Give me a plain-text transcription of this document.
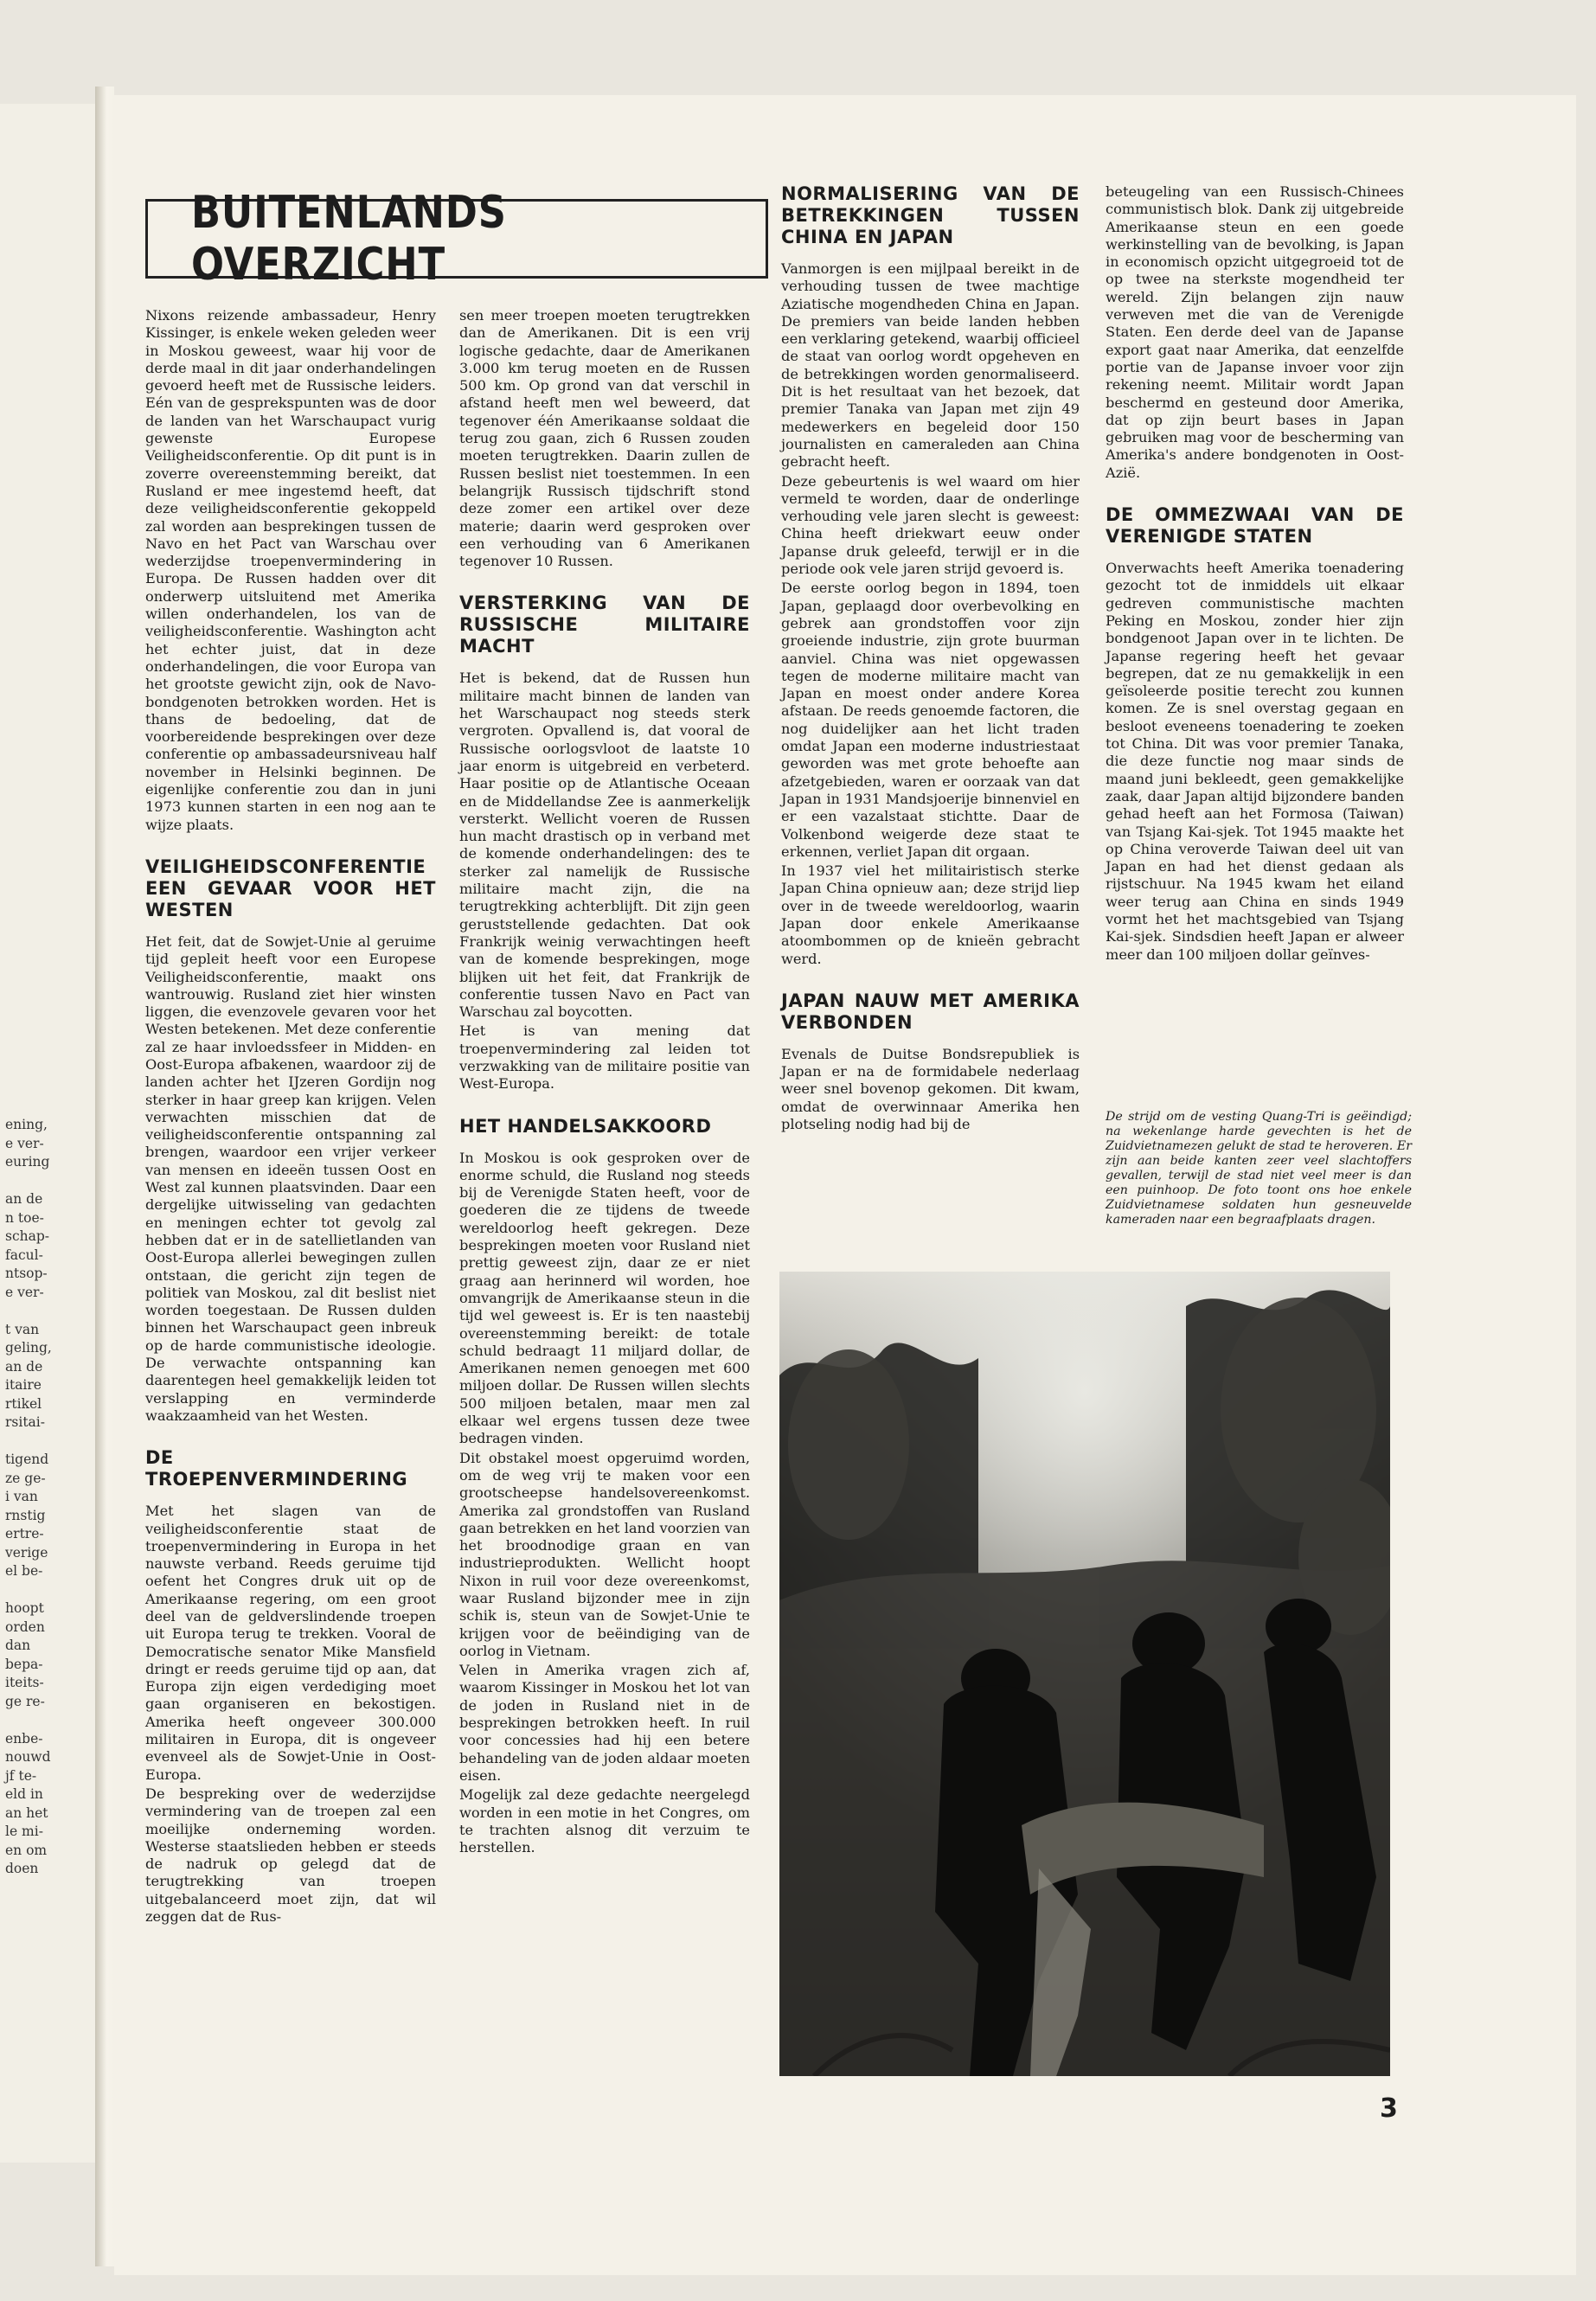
ening,
e ver-
euring
an de
n toe-
schap-
facul-
ntsop-
e ver-
t van
geling,
an de
itaire
rtikel
rsitai-
tigend
ze ge-
i van
rnstig
ertre-
verige
el be-
hoopt
orden
dan
bepa-
iteits-
ge re-
enbe-
nouwd
jf te-
eld in
an het
le mi-
en om
doen
BUITENLANDS OVERZICHT

Nixons reizende ambassadeur, Henry Kissinger, is enkele weken geleden weer in Moskou geweest, waar hij voor de derde maal in dit jaar onderhandelingen gevoerd heeft met de Russische leiders. Eén van de gesprekspunten was de door de landen van het Warschaupact vurig gewenste Europese Veiligheidsconferentie. Op dit punt is in zoverre overeenstemming bereikt, dat Rusland er mee ingestemd heeft, dat deze veiligheidsconferentie gekoppeld zal worden aan besprekingen tussen de Navo en het Pact van Warschau over wederzijdse troepenvermindering in Europa. De Russen hadden over dit onderwerp uitsluitend met Amerika willen onderhandelen, los van de veiligheidsconferentie. Washington acht het echter juist, dat in deze onderhandelingen, die voor Europa van het grootste gewicht zijn, ook de Navo-bondgenoten betrokken worden. Het is thans de bedoeling, dat de voorbereidende besprekingen over deze conferentie op ambassadeursniveau half november in Helsinki beginnen. De eigenlijke conferentie zou dan in juni 1973 kunnen starten in een nog aan te wijze plaats.

VEILIGHEIDSCONFERENTIE EEN GEVAAR VOOR HET WESTEN

Het feit, dat de Sowjet-Unie al geruime tijd gepleit heeft voor een Europese Veiligheidsconferentie, maakt ons wantrouwig. Rusland ziet hier winsten liggen, die evenzovele gevaren voor het Westen betekenen. Met deze conferentie zal ze haar invloedssfeer in Midden- en Oost-Europa afbakenen, waardoor zij de landen achter het IJzeren Gordijn nog sterker in haar greep kan krijgen. Velen verwachten misschien dat de veiligheidsconferentie ontspanning zal brengen, waardoor een vrijer verkeer van mensen en ideeën tussen Oost en West zal kunnen plaatsvinden. Daar een dergelijke uitwisseling van gedachten en meningen echter tot gevolg zal hebben dat er in de satellietlanden van Oost-Europa allerlei bewegingen zullen ontstaan, die gericht zijn tegen de politiek van Moskou, zal dit beslist niet worden toegestaan. De Russen dulden binnen het Warschaupact geen inbreuk op de harde communistische ideologie. De verwachte ontspanning kan daarentegen heel gemakkelijk leiden tot verslapping en verminderde waakzaamheid van het Westen.

DE TROEPENVERMINDERING

Met het slagen van de veiligheidsconferentie staat de troepenvermindering in Europa in het nauwste verband. Reeds geruime tijd oefent het Congres druk uit op de Amerikaanse regering, om een groot deel van de geldverslindende troepen uit Europa terug te trekken. Vooral de Democratische senator Mike Mansfield dringt er reeds geruime tijd op aan, dat Europa zijn eigen verdediging moet gaan organiseren en bekostigen. Amerika heeft ongeveer 300.000 militairen in Europa, dit is ongeveer evenveel als de Sowjet-Unie in Oost-Europa.

De bespreking over de wederzijdse vermindering van de troepen zal een moeilijke onderneming worden. Westerse staatslieden hebben er steeds de nadruk op gelegd dat de terugtrekking van troepen uitgebalanceerd moet zijn, dat wil zeggen dat de Rus-

sen meer troepen moeten terugtrekken dan de Amerikanen. Dit is een vrij logische gedachte, daar de Amerikanen 3.000 km terug moeten en de Russen 500 km. Op grond van dat verschil in afstand heeft men wel beweerd, dat tegenover één Amerikaanse soldaat die terug zou gaan, zich 6 Russen zouden moeten terugtrekken. Daarin zullen de Russen beslist niet toestemmen. In een belangrijk Russisch tijdschrift stond deze zomer een artikel over deze materie; daarin werd gesproken over een verhouding van 6 Amerikanen tegenover 10 Russen.

VERSTERKING VAN DE RUSSISCHE MILITAIRE MACHT

Het is bekend, dat de Russen hun militaire macht binnen de landen van het Warschaupact nog steeds sterk vergroten. Opvallend is, dat vooral de Russische oorlogsvloot de laatste 10 jaar enorm is uitgebreid en verbeterd. Haar positie op de Atlantische Oceaan en de Middellandse Zee is aanmerkelijk versterkt. Wellicht voeren de Russen hun macht drastisch op in verband met de komende onderhandelingen: des te sterker zal namelijk de Russische militaire macht zijn, die na terugtrekking achterblijft. Dit zijn geen geruststellende gedachten. Dat ook Frankrijk weinig verwachtingen heeft van de komende besprekingen, moge blijken uit het feit, dat Frankrijk de conferentie tussen Navo en Pact van Warschau zal boycotten.

Het is van mening dat troepenvermindering zal leiden tot verzwakking van de militaire positie van West-Europa.

HET HANDELSAKKOORD

In Moskou is ook gesproken over de enorme schuld, die Rusland nog steeds bij de Verenigde Staten heeft, voor de goederen die ze tijdens de tweede wereldoorlog heeft gekregen. Deze besprekingen moeten voor Rusland niet prettig geweest zijn, daar ze er niet graag aan herinnerd wil worden, hoe omvangrijk de Amerikaanse steun in die tijd wel geweest is. Er is ten naastebij overeenstemming bereikt: de totale schuld bedraagt 11 miljard dollar, de Amerikanen nemen genoegen met 600 miljoen dollar. De Russen willen slechts 500 miljoen betalen, maar men zal elkaar wel ergens tussen deze twee bedragen vinden.

Dit obstakel moest opgeruimd worden, om de weg vrij te maken voor een grootscheepse handelsovereenkomst. Amerika zal grondstoffen van Rusland gaan betrekken en het land voorzien van het broodnodige graan en van industrieprodukten. Wellicht hoopt Nixon in ruil voor deze overeenkomst, waar Rusland bijzonder mee in zijn schik is, steun van de Sowjet-Unie te krijgen voor de beëindiging van de oorlog in Vietnam.

Velen in Amerika vragen zich af, waarom Kissinger in Moskou het lot van de joden in Rusland niet in de besprekingen betrokken heeft. In ruil voor concessies had hij een betere behandeling van de joden aldaar moeten eisen.

Mogelijk zal deze gedachte neergelegd worden in een motie in het Congres, om te trachten alsnog dit verzuim te herstellen.

NORMALISERING VAN DE BETREKKINGEN TUSSEN CHINA EN JAPAN

Vanmorgen is een mijlpaal bereikt in de verhouding tussen de twee machtige Aziatische mogendheden China en Japan. De premiers van beide landen hebben een verklaring getekend, waarbij officieel de staat van oorlog wordt opgeheven en de betrekkingen worden genormaliseerd. Dit is het resultaat van het bezoek, dat premier Tanaka van Japan met zijn 49 medewerkers en begeleid door 150 journalisten en cameraleden aan China gebracht heeft.

Deze gebeurtenis is wel waard om hier vermeld te worden, daar de onderlinge verhouding vele jaren slecht is geweest: China heeft driekwart eeuw onder Japanse druk geleefd, terwijl er in die periode ook vele jaren strijd gevoerd is.

De eerste oorlog begon in 1894, toen Japan, geplaagd door overbevolking en gebrek aan grondstoffen voor zijn groeiende industrie, zijn grote buurman aanviel. China was niet opgewassen tegen de moderne militaire macht van Japan en moest onder andere Korea afstaan. De reeds genoemde factoren, die nog duidelijker aan het licht traden omdat Japan een moderne industriestaat geworden was met grote behoefte aan afzetgebieden, waren er oorzaak van dat Japan in 1931 Mandsjoerije binnenviel en er een vazalstaat stichtte. Daar de Volkenbond weigerde deze staat te erkennen, verliet Japan dit orgaan.

In 1937 viel het militairistisch sterke Japan China opnieuw aan; deze strijd liep over in de tweede wereldoorlog, waarin Japan door enkele Amerikaanse atoombommen op de knieën gebracht werd.

JAPAN NAUW MET AMERIKA VERBONDEN

Evenals de Duitse Bondsrepubliek is Japan er na de formidabele nederlaag weer snel bovenop gekomen. Dit kwam, omdat de overwinnaar Amerika hen plotseling nodig had bij de

beteugeling van een Russisch-Chinees communistisch blok. Dank zij uitgebreide Amerikaanse steun en een goede werkinstelling van de bevolking, is Japan in economisch opzicht uitgegroeid tot de op twee na sterkste mogendheid ter wereld. Zijn belangen zijn nauw verweven met die van de Verenigde Staten. Een derde deel van de Japanse export gaat naar Amerika, dat eenzelfde portie van de Japanse invoer voor zijn rekening neemt. Militair wordt Japan beschermd en gesteund door Amerika, dat op zijn beurt bases in Japan gebruiken mag voor de bescherming van Amerika's andere bondgenoten in Oost-Azië.

DE OMMEZWAAI VAN DE VERENIGDE STATEN

Onverwachts heeft Amerika toenadering gezocht tot de inmiddels uit elkaar gedreven communistische machten Peking en Moskou, zonder hier zijn bondgenoot Japan over in te lichten. De Japanse regering heeft het gevaar begrepen, dat ze nu gemakkelijk in een geïsoleerde positie terecht zou kunnen komen. Ze is snel overstag gegaan en besloot eveneens toenadering te zoeken tot China. Dit was voor premier Tanaka, die deze functie nog maar sinds de maand juni bekleedt, geen gemakkelijke zaak, daar Japan altijd bijzondere banden gehad heeft aan het Formosa (Taiwan) van Tsjang Kai-sjek. Tot 1945 maakte het op China veroverde Taiwan deel uit van Japan en had het dienst gedaan als rijstschuur. Na 1945 kwam het eiland weer terug aan China en sinds 1949 vormt het het machtsgebied van Tsjang Kai-sjek. Sindsdien heeft Japan er alweer meer dan 100 miljoen dollar geïnves-

De strijd om de vesting Quang-Tri is geëindigd; na wekenlange harde gevechten is het de Zuidvietnamezen gelukt de stad te heroveren. Er zijn aan beide kanten zeer veel slachtoffers gevallen, terwijl de stad niet veel meer is dan een puinhoop. De foto toont ons hoe enkele Zuidvietnamese soldaten hun gesneuvelde kameraden naar een begraafplaats dragen.
3
